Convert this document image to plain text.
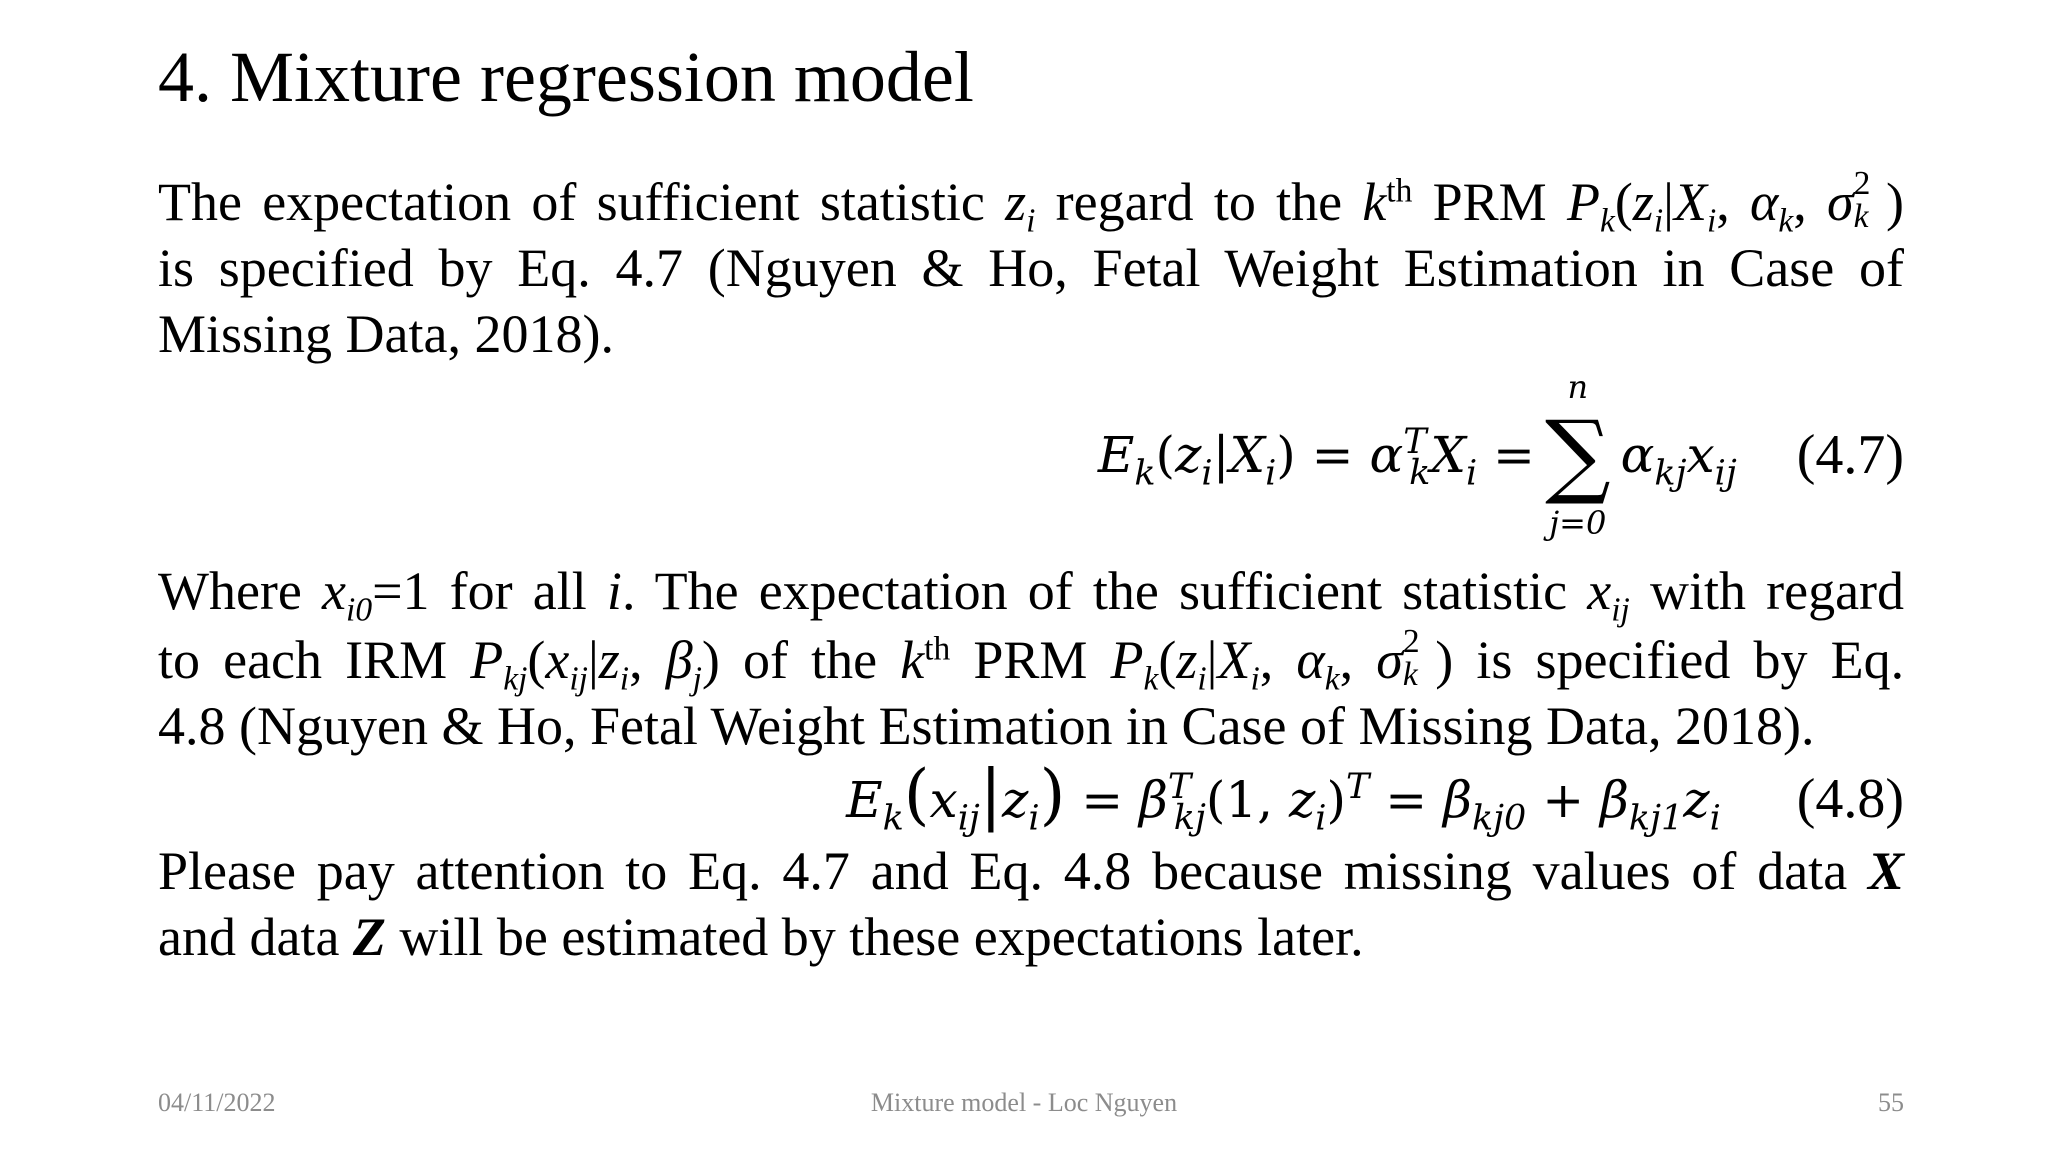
4. Mixture regression model
The expectation of sufficient statistic $z_i$ regard to the $k^{th}$ PRM $P_k(z_i|X_i$, $\alpha_k$, σ 2
k )
is specified by Eq. 4.7 (Nguyen & Ho, Fetal Weight Estimation in Case of
Missing Data, 2018).
$E_k(z_i|X_i) = \alpha^T_kX_i$ =
n
∑
j=0
$\alpha_{kj}x_{ij}$ (4.7)
Where $x_{i0}=1$ for all i. The expectation of the sufficient statistic $x_{ij}$ with regard
to each IRM $P_{kj}(x_{ij}|z_i$, $\beta_j$) of the $k^{th}$ PRM $P_k(z_i|X_i$, $\alpha_k$, σ 2
k ) is specified by Eq.
4.8 (Nguyen & Ho, Fetal Weight Estimation in Case of Missing Data, 2018).
$E_k(x_{ij}|z_i) = \beta^T_{kj}(1$, $z_i)^T = \beta_{kj0} + \beta_{kj1}z_i$ (4.8)
Please pay attention to Eq. 4.7 and Eq. 4.8 because missing values of data X
and data Z will be estimated by these expectations later.
Mixture model - Loc Nguyen
04/11/2022	55
